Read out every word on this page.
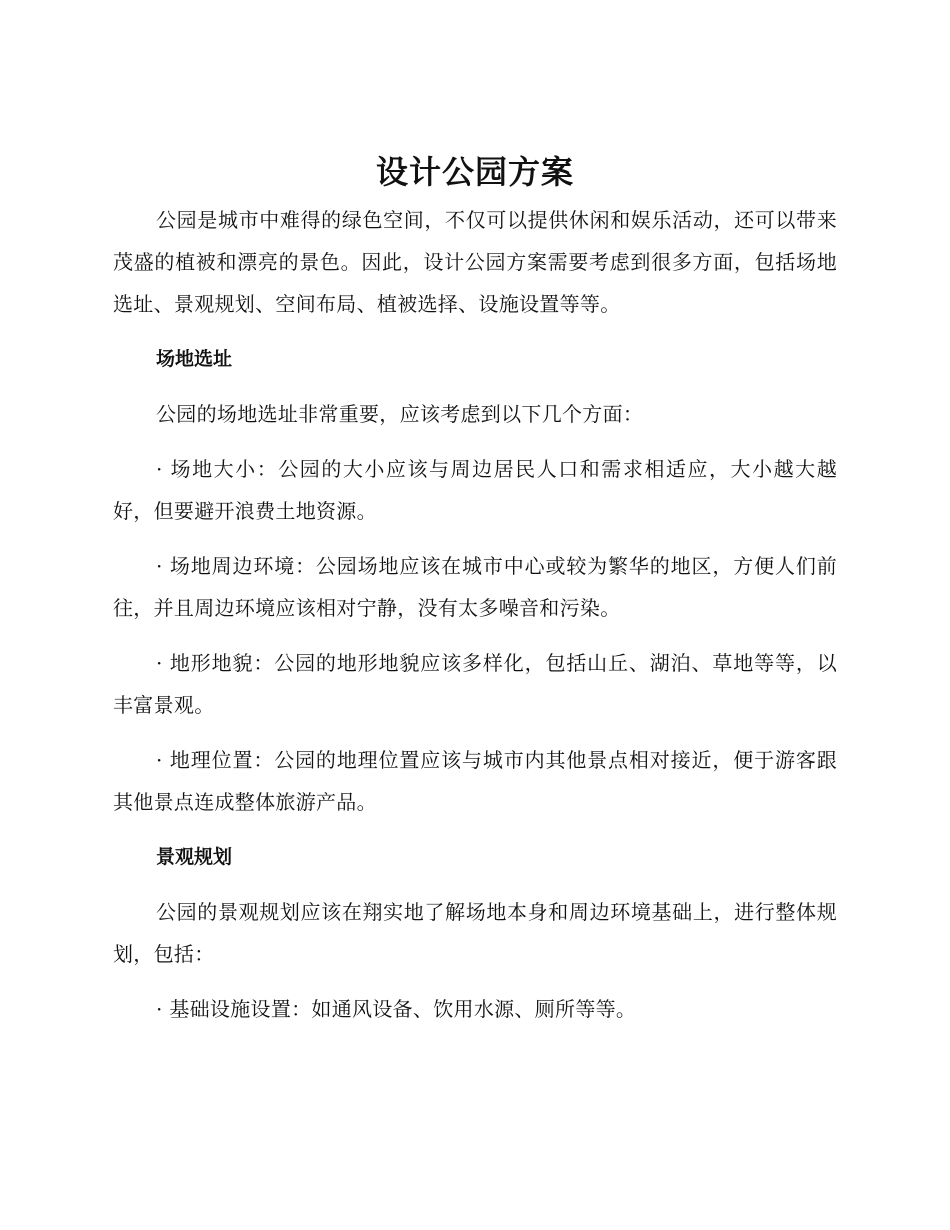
设计公园方案

公园是城市中难得的绿色空间，不仅可以提供休闲和娱乐活动，还可以带来茂盛的植被和漂亮的景色。因此，设计公园方案需要考虑到很多方面，包括场地选址、景观规划、空间布局、植被选择、设施设置等等。

场地选址

公园的场地选址非常重要，应该考虑到以下几个方面：

· 场地大小：公园的大小应该与周边居民人口和需求相适应，大小越大越好，但要避开浪费土地资源。

· 场地周边环境：公园场地应该在城市中心或较为繁华的地区，方便人们前往，并且周边环境应该相对宁静，没有太多噪音和污染。

· 地形地貌：公园的地形地貌应该多样化，包括山丘、湖泊、草地等等，以丰富景观。

· 地理位置：公园的地理位置应该与城市内其他景点相对接近，便于游客跟其他景点连成整体旅游产品。

景观规划

公园的景观规划应该在翔实地了解场地本身和周边环境基础上，进行整体规划，包括：

· 基础设施设置：如通风设备、饮用水源、厕所等等。
